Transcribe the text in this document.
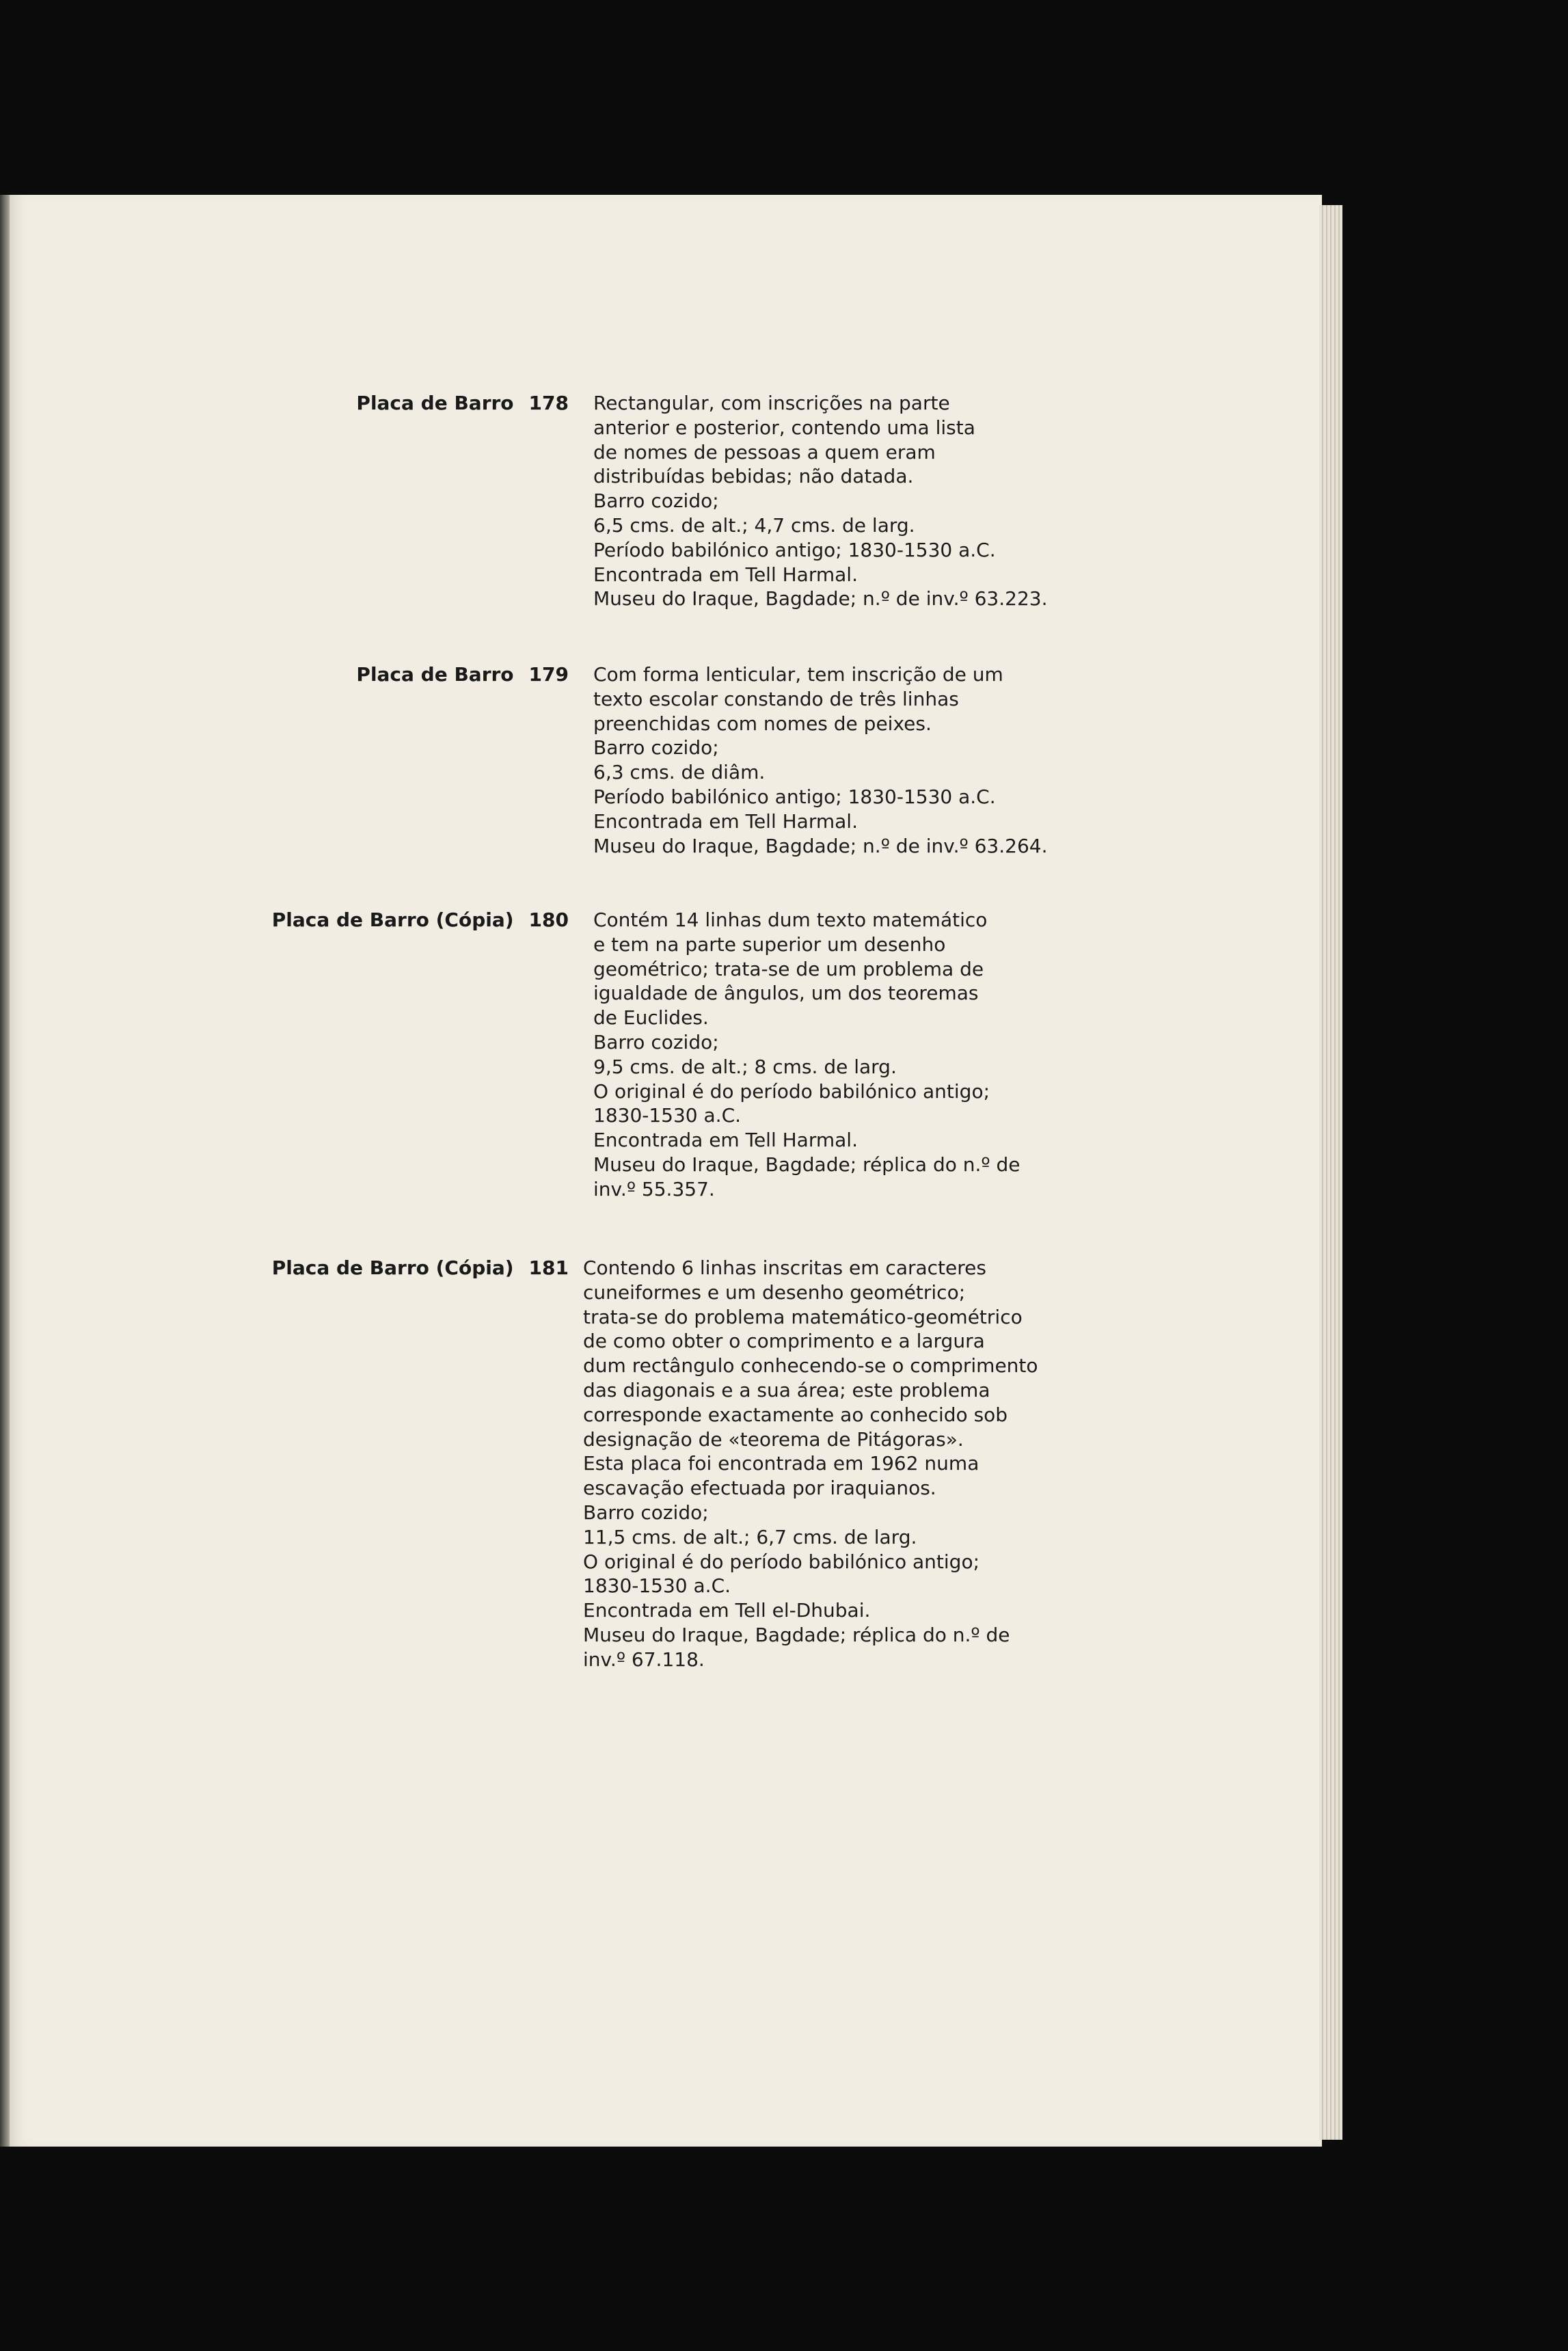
Placa de Barro 178 Rectangular, com inscrições na parte
anterior e posterior, contendo uma lista
de nomes de pessoas a quem eram
distribuídas bebidas; não datada.
Barro cozido;
6,5 cms. de alt.; 4,7 cms. de larg.
Período babilónico antigo; 1830-1530 a.C.
Encontrada em Tell Harmal.
Museu do Iraque, Bagdade; n.º de inv.º 63.223.
Placa de Barro 179 Com forma lenticular, tem inscrição de um
texto escolar constando de três linhas
preenchidas com nomes de peixes.
Barro cozido;
6,3 cms. de diâm.
Período babilónico antigo; 1830-1530 a.C.
Encontrada em Tell Harmal.
Museu do Iraque, Bagdade; n.º de inv.º 63.264.
Placa de Barro (Cópia) 180 Contém 14 linhas dum texto matemático
e tem na parte superior um desenho
geométrico; trata-se de um problema de
igualdade de ângulos, um dos teoremas
de Euclides.
Barro cozido;
9,5 cms. de alt.; 8 cms. de larg.
O original é do período babilónico antigo;
1830-1530 a.C.
Encontrada em Tell Harmal.
Museu do Iraque, Bagdade; réplica do n.º de
inv.º 55.357.
Placa de Barro (Cópia) 181 Contendo 6 linhas inscritas em caracteres
cuneiformes e um desenho geométrico;
trata-se do problema matemático-geométrico
de como obter o comprimento e a largura
dum rectângulo conhecendo-se o comprimento
das diagonais e a sua área; este problema
corresponde exactamente ao conhecido sob
designação de «teorema de Pitágoras».
Esta placa foi encontrada em 1962 numa
escavação efectuada por iraquianos.
Barro cozido;
11,5 cms. de alt.; 6,7 cms. de larg.
O original é do período babilónico antigo;
1830-1530 a.C.
Encontrada em Tell el-Dhubai.
Museu do Iraque, Bagdade; réplica do n.º de
inv.º 67.118.
